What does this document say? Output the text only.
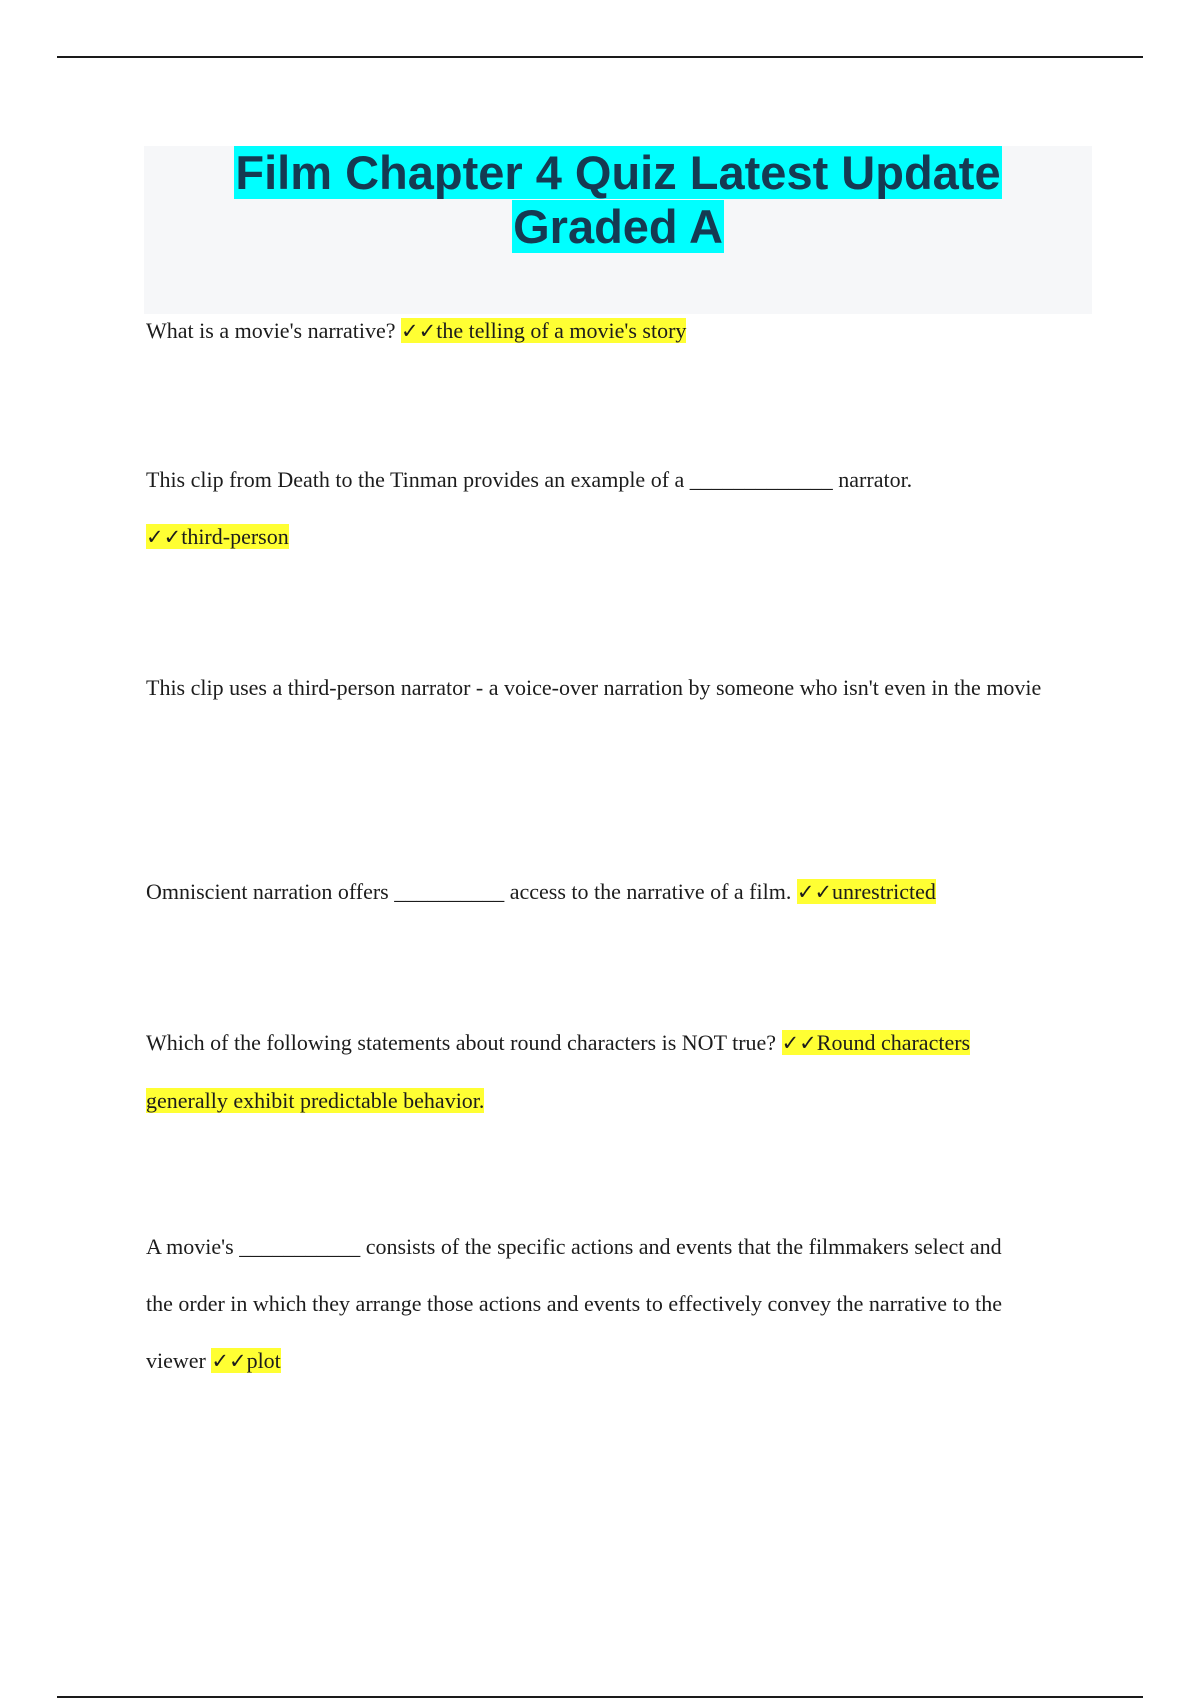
Film Chapter 4 Quiz Latest Update
Graded A

What is a movie's narrative? ✓✓the telling of a movie's story

This clip from Death to the Tinman provides an example of a _____________ narrator.
✓✓third-person

This clip uses a third-person narrator - a voice-over narration by someone who isn't even in the movie

Omniscient narration offers __________ access to the narrative of a film. ✓✓unrestricted

Which of the following statements about round characters is NOT true? ✓✓Round characters
generally exhibit predictable behavior.

A movie's ___________ consists of the specific actions and events that the filmmakers select and
the order in which they arrange those actions and events to effectively convey the narrative to the
viewer ✓✓plot
